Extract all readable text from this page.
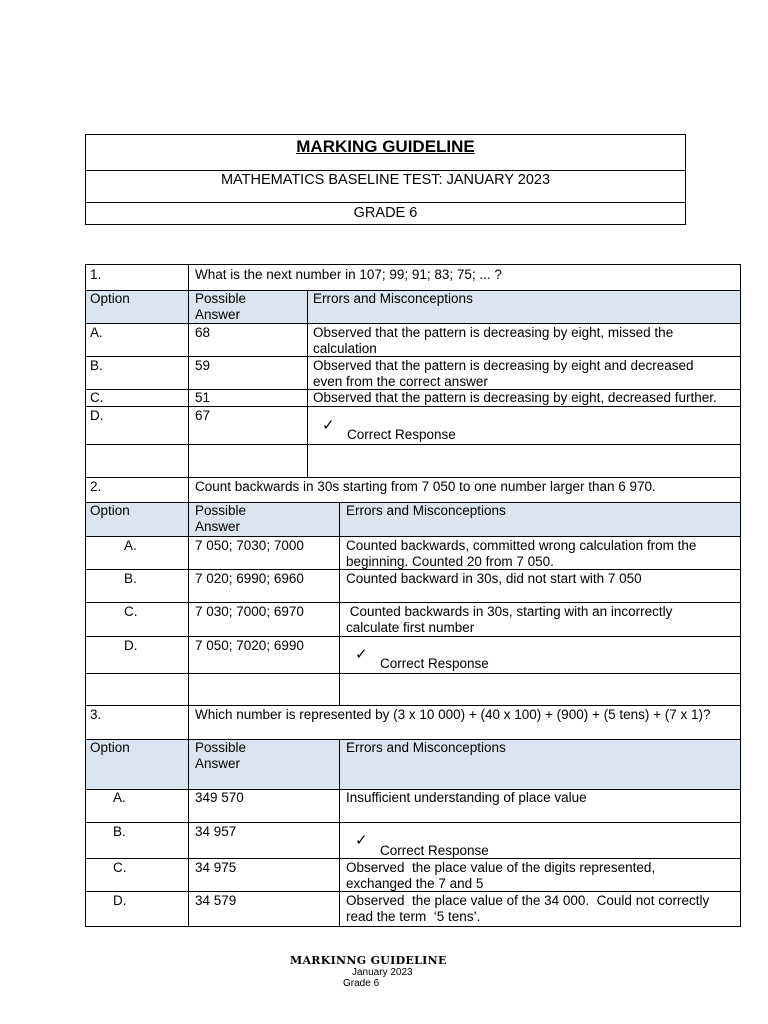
MARKING GUIDELINE
MATHEMATICS BASELINE TEST: JANUARY 2023
GRADE 6
1.	What is the next number in 107; 99; 91; 83; 75; ... ?
Option	Possible
Answer
Errors and Misconceptions
A.	68	Observed that the pattern is decreasing by eight, missed the
calculation
B.	59	Observed that the pattern is decreasing by eight and decreased
even from the correct answer
C.	51	Observed that the pattern is decreasing by eight, decreased further.
D.	67
✓
Correct Response
2.	Count backwards in 30s starting from 7 050 to one number larger than 6 970.
Option	Possible
Answer
Errors and Misconceptions
A.	7 050; 7030; 7000	Counted backwards, committed wrong calculation from the
beginning. Counted 20 from 7 050.
B.	7 020; 6990; 6960	Counted backward in 30s, did not start with 7 050
C.	7 030; 7000; 6970	Counted backwards in 30s, starting with an incorrectly
calculate first number
D.	7 050; 7020; 6990	✓
Correct Response
3.	Which number is represented by (3 x 10 000) + (40 x 100) + (900) + (5 tens) + (7 x 1)?
Option	Possible
Answer
Errors and Misconceptions
A.	349 570	Insufficient understanding of place value
B.	34 957	✓
Correct Response
C.	34 975	Observed  the place value of the digits represented,
exchanged the 7 and 5
D.	34 579	Observed  the place value of the 34 000.  Could not correctly
read the term  ‘5 tens’.
MARKINNG GUIDELINE
January 2023
Grade 6
